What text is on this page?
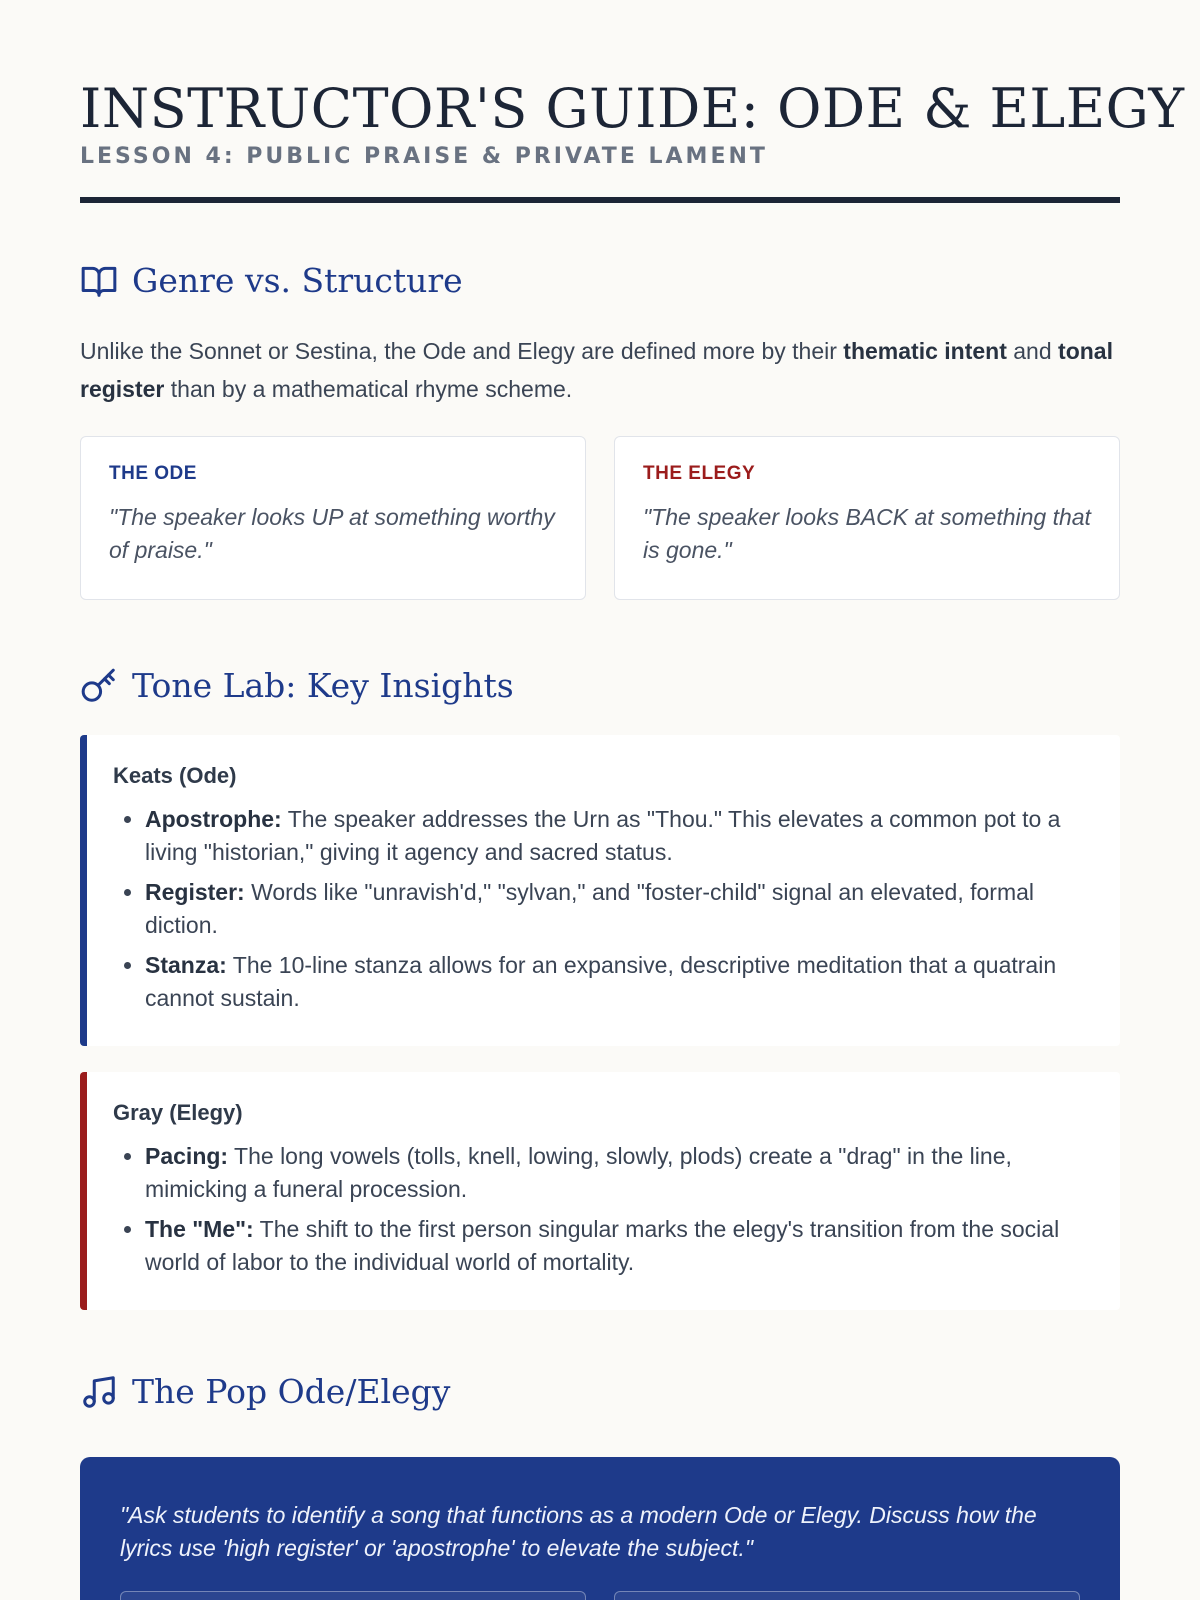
INSTRUCTOR'S GUIDE: ODE & ELEGY
LESSON 4: PUBLIC PRAISE & PRIVATE LAMENT
Genre vs. Structure

Unlike the Sonnet or Sestina, the Ode and Elegy are defined more by their thematic intent and tonal register than by a mathematical rhyme scheme.

THE ODE
"The speaker looks UP at something worthy of praise."
THE ELEGY
"The speaker looks BACK at something that is gone."
Tone Lab: Key Insights
Keats (Ode)
• Apostrophe: The speaker addresses the Urn as "Thou." This elevates a common pot to a living "historian," giving it agency and sacred status.
• Register: Words like "unravish'd," "sylvan," and "foster-child" signal an elevated, formal diction.
• Stanza: The 10-line stanza allows for an expansive, descriptive meditation that a quatrain cannot sustain.
Gray (Elegy)
• Pacing: The long vowels (tolls, knell, lowing, slowly, plods) create a "drag" in the line, mimicking a funeral procession.
• The "Me": The shift to the first person singular marks the elegy's transition from the social world of labor to the individual world of mortality.
The Pop Ode/Elegy
"Ask students to identify a song that functions as a modern Ode or Elegy. Discuss how the lyrics use 'high register' or 'apostrophe' to elevate the subject."
